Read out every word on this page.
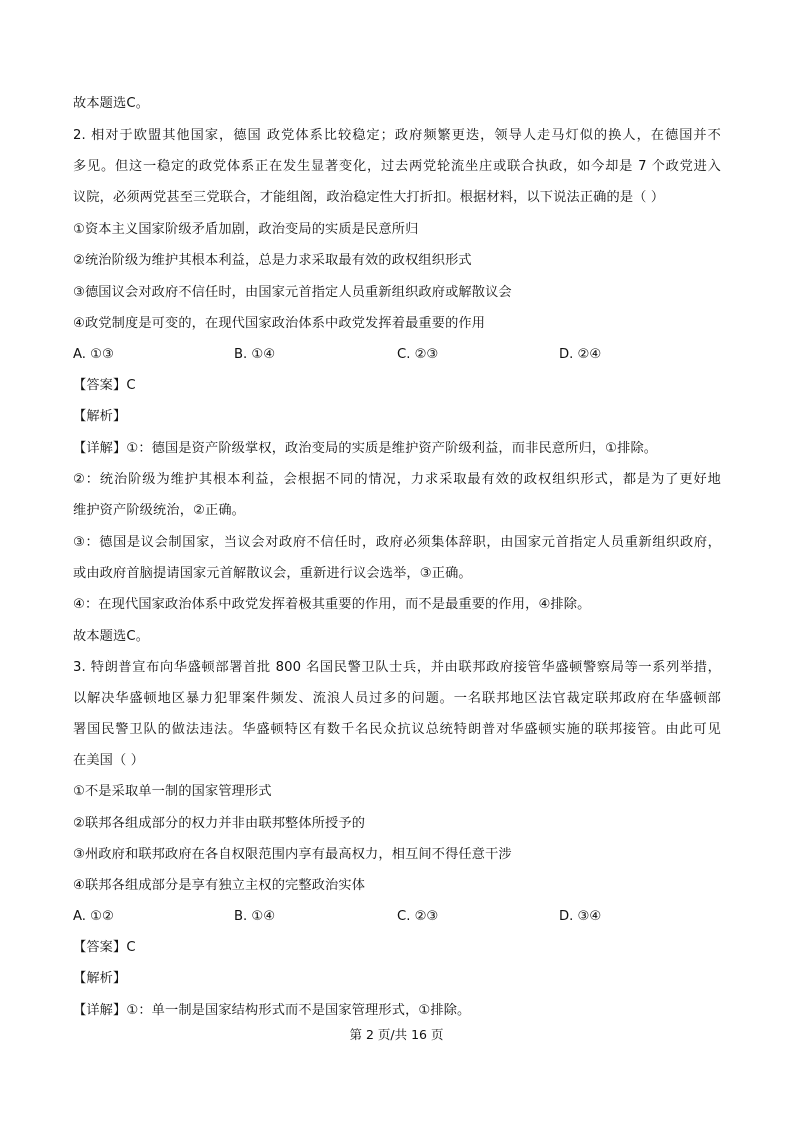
故本题选C。
2. 相对于欧盟其他国家，德国 政党体系比较稳定；政府频繁更迭，领导人走马灯似的换人，在德国并不
多见。但这一稳定的政党体系正在发生显著变化，过去两党轮流坐庄或联合执政，如今却是 7 个政党进入
议院，必须两党甚至三党联合，才能组阁，政治稳定性大打折扣。根据材料，以下说法正确的是（ ）
①资本主义国家阶级矛盾加剧，政治变局的实质是民意所归
②统治阶级为维护其根本利益，总是力求采取最有效的政权组织形式
③德国议会对政府不信任时，由国家元首指定人员重新组织政府或解散议会
④政党制度是可变的，在现代国家政治体系中政党发挥着最重要的作用
A. ①③	B. ①④	C. ②③	D. ②④
【答案】C
【解析】
【详解】①：德国是资产阶级掌权，政治变局的实质是维护资产阶级利益，而非民意所归，①排除。
②：统治阶级为维护其根本利益，会根据不同的情况，力求采取最有效的政权组织形式，都是为了更好地
维护资产阶级统治，②正确。
③：德国是议会制国家，当议会对政府不信任时，政府必须集体辞职，由国家元首指定人员重新组织政府，
或由政府首脑提请国家元首解散议会，重新进行议会选举，③正确。
④：在现代国家政治体系中政党发挥着极其重要的作用，而不是最重要的作用，④排除。
故本题选C。
3. 特朗普宣布向华盛顿部署首批 800 名国民警卫队士兵，并由联邦政府接管华盛顿警察局等一系列举措，
以解决华盛顿地区暴力犯罪案件频发、流浪人员过多的问题。一名联邦地区法官裁定联邦政府在华盛顿部
署国民警卫队的做法违法。华盛顿特区有数千名民众抗议总统特朗普对华盛顿实施的联邦接管。由此可见
在美国（ ）
①不是采取单一制的国家管理形式
②联邦各组成部分的权力并非由联邦整体所授予的
③州政府和联邦政府在各自权限范围内享有最高权力，相互间不得任意干涉
④联邦各组成部分是享有独立主权的完整政治实体
A. ①②	B. ①④	C. ②③	D. ③④
【答案】C
【解析】
【详解】①：单一制是国家结构形式而不是国家管理形式，①排除。
第 2 页/共 16 页
